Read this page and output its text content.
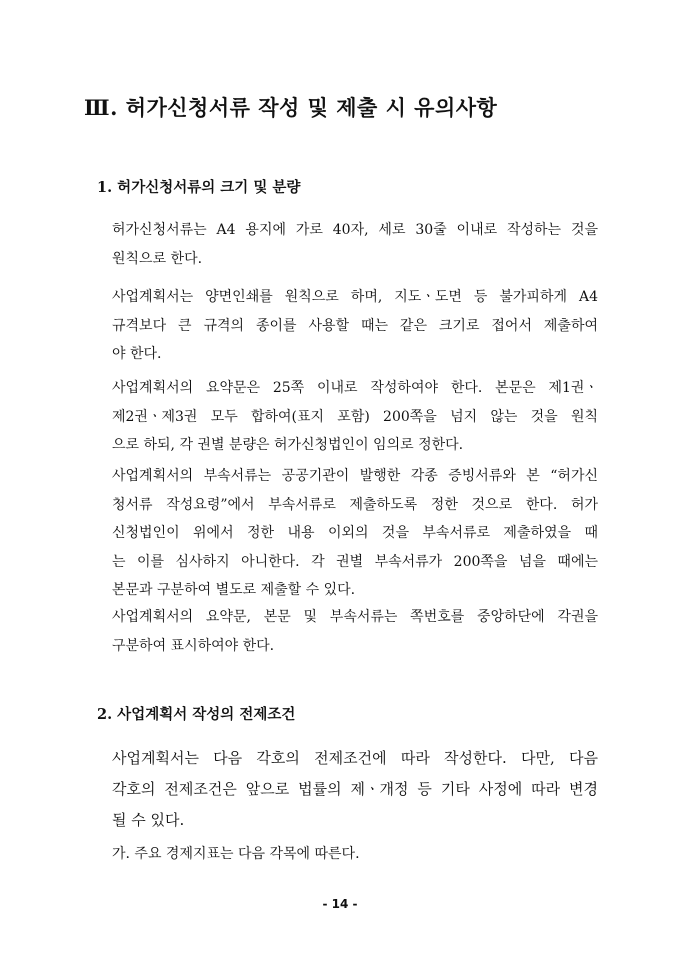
Ⅲ. 허가신청서류 작성 및 제출 시 유의사항
1. 허가신청서류의 크기 및 분량

허가신청서류는 A4 용지에 가로 40자, 세로 30줄 이내로 작성하는 것을
원칙으로 한다.

사업계획서는 양면인쇄를 원칙으로 하며, 지도ㆍ도면 등 불가피하게 A4
규격보다 큰 규격의 종이를 사용할 때는 같은 크기로 접어서 제출하여
야 한다.

사업계획서의 요약문은 25쪽 이내로 작성하여야 한다. 본문은 제1권ㆍ
제2권ㆍ제3권 모두 합하여(표지 포함) 200쪽을 넘지 않는 것을 원칙
으로 하되, 각 권별 분량은 허가신청법인이 임의로 정한다.

사업계획서의 부속서류는 공공기관이 발행한 각종 증빙서류와 본 “허가신
청서류 작성요령”에서 부속서류로 제출하도록 정한 것으로 한다. 허가
신청법인이 위에서 정한 내용 이외의 것을 부속서류로 제출하였을 때
는 이를 심사하지 아니한다. 각 권별 부속서류가 200쪽을 넘을 때에는
본문과 구분하여 별도로 제출할 수 있다.

사업계획서의 요약문, 본문 및 부속서류는 쪽번호를 중앙하단에 각권을
구분하여 표시하여야 한다.

2. 사업계획서 작성의 전제조건

사업계획서는 다음 각호의 전제조건에 따라 작성한다. 다만, 다음
각호의 전제조건은 앞으로 법률의 제ㆍ개정 등 기타 사정에 따라 변경
될 수 있다.

가. 주요 경제지표는 다음 각목에 따른다.

- 14 -
